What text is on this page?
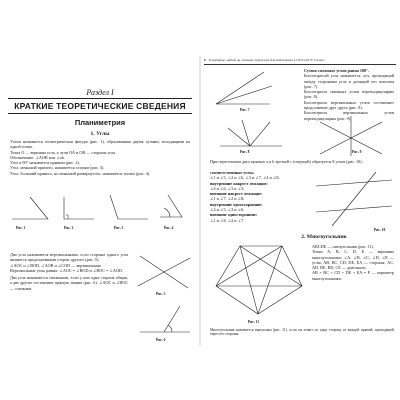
Раздел I
КРАТКИЕ ТЕОРЕТИЧЕСКИЕ СВЕДЕНИЯ
Планиметрия
1. Углы
Углом называется геометрическая фигура (рис. 1), образованная двумя лучами, исходящими из одной точки.
Точка О — вершина угла, а лучи ОА и ОВ — стороны угла.
Обозначение: ∠AOB или ∠ab.
Угол в 90° называется прямым (рис. 2).
Угол, меньший прямого, называется острым (рис. 3).
Угол, больший прямого, но меньший развернутого, называется тупым (рис. 4).
Рис. 1	Рис. 2	Рис. 3	Рис. 4
Два угла называются вертикальными, если стороны одного угла являются продолжениями сторон другого (рис. 5).
∠AOC и ∠BOD, ∠AOB и ∠COD — вертикальные.
Вертикальные углы равны: ∠AOC = ∠BOD и ∠BOC = ∠AOD.
Два угла называются смежными, если у них одна сторона общая, а две другие составляют прямую линию (рис. 6). ∠AOC и ∠BOC — смежные.
Рис. 5
Рис. 6
6 Геометрия: задачи на готовых чертежах для подготовки к ОГЭ и ЕГЭ. 9 класс
Сумма смежных углов равна 180°.
Биссектрисой угла называется луч, проходящий между сторонами угла и делящий его пополам (рис. 7).
Биссектрисы смежных углов перпендикулярны (рис. 8).
Биссектрисы вертикальных углов составляют продолжение друг друга (рис. 8).
Биссектрисы вертикальных углов перпендикулярны (рис. 9).
Рис. 7
Рис. 8	Рис. 9
При пересечении двух прямых a и b третьей c (секущей) образуется 8 углов (рис. 10):
соответственные углы:
∠1 и ∠5, ∠2 и ∠6, ∠3 и ∠7, ∠4 и ∠8;
внутренние накрест лежащие:
∠4 и ∠6, ∠3 и ∠5;
внешние накрест лежащие:
∠1 и ∠7, ∠2 и ∠8;
внутренние односторонние:
∠4 и ∠5, ∠3 и ∠6;
внешние односторонние:
∠1 и ∠8, ∠2 и ∠7.
Рис. 10
2. Многоугольник
Рис. 11
ABCDE — пятиугольник (рис. 11).
Точки A, B, C, D, E — вершины многоугольника; ∠A, ∠B, ∠C, ∠D, ∠E — углы; AB, BC, CD, DE, EA — стороны; AC, AD, BE, BD, CE — диагонали.
AB + BC + CD + DE + EA = P — периметр многоугольника.
Многоугольник называется выпуклым (рис. 11), если он лежит по одну сторону от каждой прямой, проходящей через его стороны.
